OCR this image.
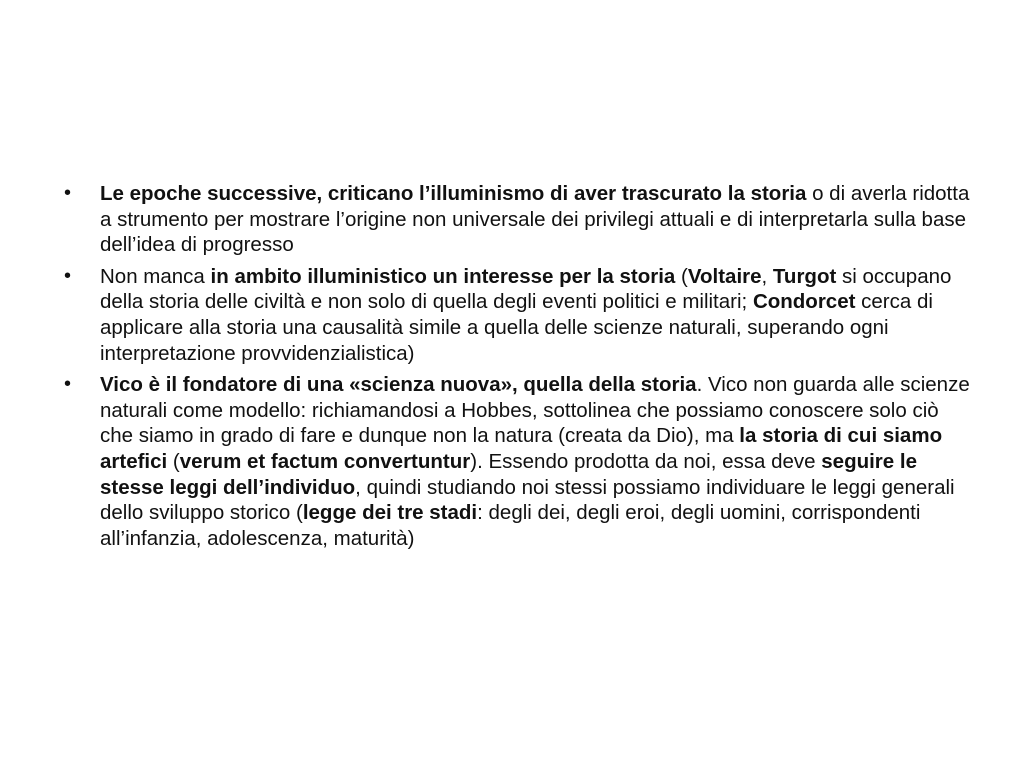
• Le epoche successive, criticano l’illuminismo di aver trascurato la storia o di averla ridotta a strumento per mostrare l’origine non universale dei privilegi attuali e di interpretarla sulla base dell’idea di progresso
• Non manca in ambito illuministico un interesse per la storia (Voltaire, Turgot si occupano della storia delle civiltà e non solo di quella degli eventi politici e militari; Condorcet cerca di applicare alla storia una causalità simile a quella delle scienze naturali, superando ogni interpretazione provvidenzialistica)
• Vico è il fondatore di una «scienza nuova», quella della storia. Vico non guarda alle scienze naturali come modello: richiamandosi a Hobbes, sottolinea che possiamo conoscere solo ciò che siamo in grado di fare e dunque non la natura (creata da Dio), ma la storia di cui siamo artefici (verum et factum convertuntur). Essendo prodotta da noi, essa deve seguire le stesse leggi dell’individuo, quindi studiando noi stessi possiamo individuare le leggi generali dello sviluppo storico (legge dei tre stadi: degli dei, degli eroi, degli uomini, corrispondenti all’infanzia, adolescenza, maturità)
